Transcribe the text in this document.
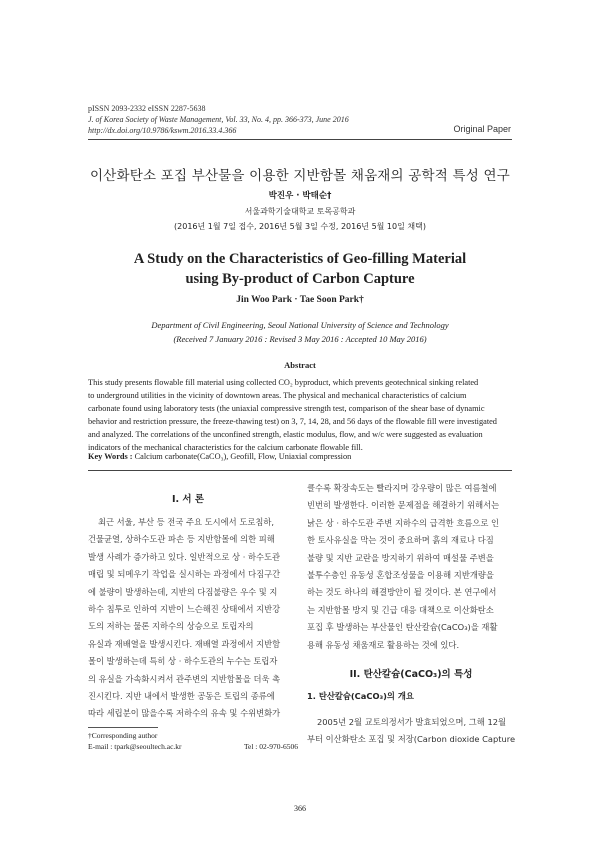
pISSN 2093-2332 eISSN 2287-5638
J. of Korea Society of Waste Management, Vol. 33, No. 4, pp. 366-373, June 2016
http://dx.doi.org/10.9786/kswm.2016.33.4.366	Original Paper
이산화탄소 포집 부산물을 이용한 지반함몰 채움재의 공학적 특성 연구
박진우 · 박태순†
서울과학기술대학교 토목공학과
(2016년 1월 7일 접수, 2016년 5월 3일 수정, 2016년 5월 10일 채택)
A Study on the Characteristics of Geo-filling Material
using By-product of Carbon Capture
Jin Woo Park · Tae Soon Park†
Department of Civil Engineering, Seoul National University of Science and Technology
(Received 7 January 2016 : Revised 3 May 2016 : Accepted 10 May 2016)
Abstract
This study presents flowable fill material using collected CO₂ byproduct, which prevents geotechnical sinking related
to underground utilities in the vicinity of downtown areas. The physical and mechanical characteristics of calcium
carbonate found using laboratory tests (the uniaxial compressive strength test, comparison of the shear base of dynamic
behavior and restriction pressure, the freeze-thawing test) on 3, 7, 14, 28, and 56 days of the flowable fill were investigated
and analyzed. The correlations of the unconfined strength, elastic modulus, flow, and w/c were suggested as evaluation
indicators of the mechanical characteristics for the calcium carbonate flowable fill.
Key Words : Calcium carbonate(CaCO₃), Geofill, Flow, Uniaxial compression
I. 서 론
최근 서울, 부산 등 전국 주요 도시에서 도로침하,
건물균열, 상하수도관 파손 등 지반함몰에 의한 피해
발생 사례가 증가하고 있다. 일반적으로 상 · 하수도관
매립 및 되메우기 작업을 실시하는 과정에서 다짐구간
에 불량이 발생하는데, 지반의 다짐불량은 우수 및 지
하수 침투로 인하여 지반이 느슨해진 상태에서 지반강
도의 저하는 물론 지하수의 상승으로 토립자의
유실과 재배열을 발생시킨다. 재배열 과정에서 지반함
몰이 발생하는데 특히 상 · 하수도관의 누수는 토립자
의 유실을 가속화시켜서 관주변의 지반함몰을 더욱 촉
진시킨다. 지반 내에서 발생한 공동은 토립의 종류에
따라 세립분이 많을수록 저하수의 유속 및 수위변화가
클수록 확장속도는 빨라지며 강우량이 많은 여름철에
빈번히 발생한다. 이러한 문제점을 해결하기 위해서는
낡은 상 · 하수도관 주변 지하수의 급격한 흐름으로 인
한 토사유실을 막는 것이 중요하며 흙의 재료나 다짐
불량 및 지반 교란을 방지하기 위하여 매설물 주변을
불투수층인 유동성 혼합조성물을 이용해 지반개량을
하는 것도 하나의 해결방안이 될 것이다. 본 연구에서
는 지반함몰 방지 및 긴급 대응 대책으로 이산화탄소
포집 후 발생하는 부산물인 탄산칼슘(CaCO₃)을 재활
용해 유동성 채움재로 활용하는 것에 있다.
II. 탄산칼슘(CaCO₃)의 특성
1. 탄산칼슘(CaCO₃)의 개요
2005년 2월 교토의정서가 발효되었으며, 그해 12월
부터 이산화탄소 포집 및 저장(Carbon dioxide Capture
†Corresponding author
E-mail : tpark@seoultech.ac.kr	Tel : 02-970-6506
366
